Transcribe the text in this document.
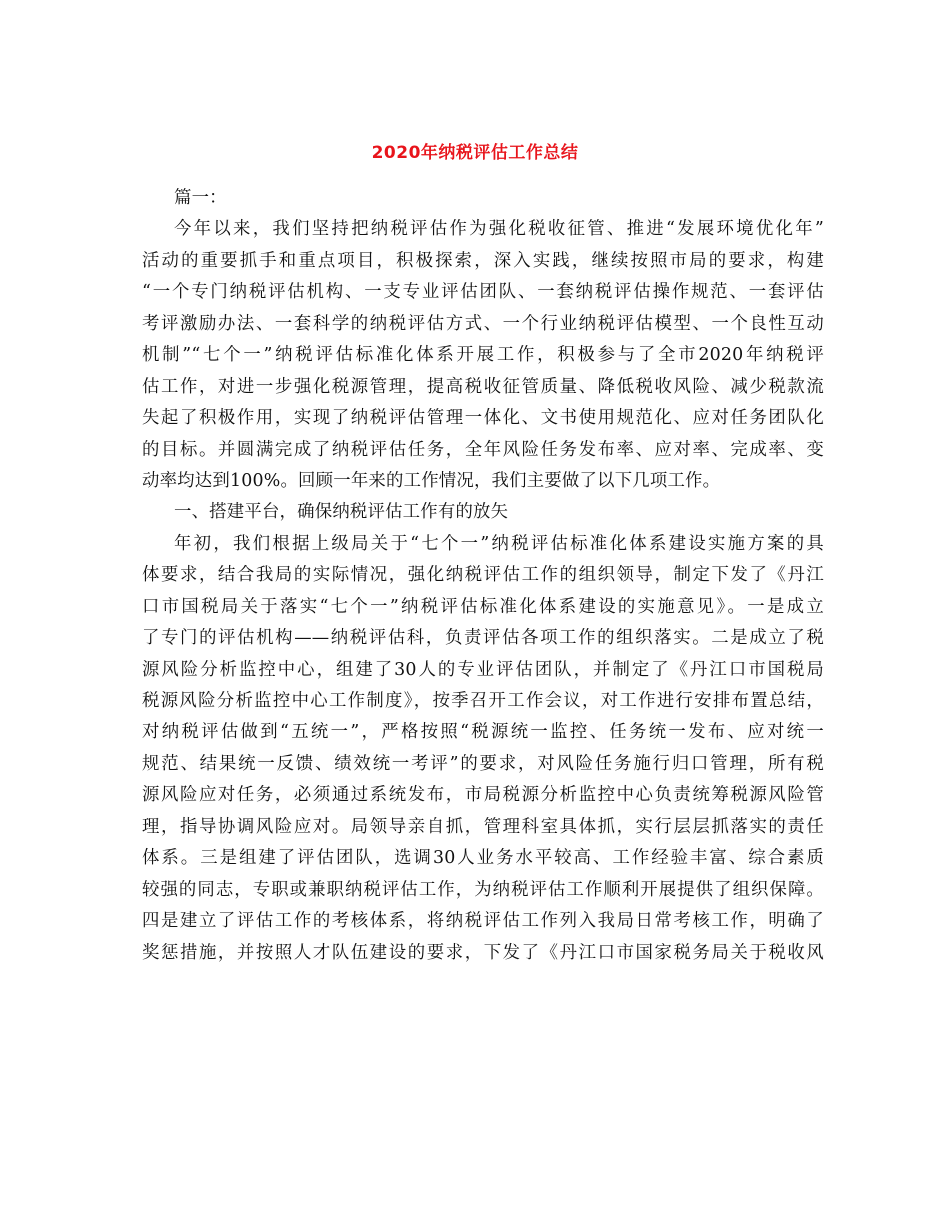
2020年纳税评估工作总结
篇一：
今年以来，我们坚持把纳税评估作为强化税收征管、推进“发展环境优化年”
活动的重要抓手和重点项目，积极探索，深入实践，继续按照市局的要求，构建
“一个专门纳税评估机构、一支专业评估团队、一套纳税评估操作规范、一套评估
考评激励办法、一套科学的纳税评估方式、一个行业纳税评估模型、一个良性互动
机制”“七个一”纳税评估标准化体系开展工作，积极参与了全市2020年纳税评
估工作，对进一步强化税源管理，提高税收征管质量、降低税收风险、减少税款流
失起了积极作用，实现了纳税评估管理一体化、文书使用规范化、应对任务团队化
的目标。并圆满完成了纳税评估任务，全年风险任务发布率、应对率、完成率、变
动率均达到100%。回顾一年来的工作情况，我们主要做了以下几项工作。
一、搭建平台，确保纳税评估工作有的放矢
年初，我们根据上级局关于“七个一”纳税评估标准化体系建设实施方案的具
体要求，结合我局的实际情况，强化纳税评估工作的组织领导，制定下发了《丹江
口市国税局关于落实“七个一”纳税评估标准化体系建设的实施意见》。一是成立
了专门的评估机构——纳税评估科，负责评估各项工作的组织落实。二是成立了税
源风险分析监控中心，组建了30人的专业评估团队，并制定了《丹江口市国税局
税源风险分析监控中心工作制度》，按季召开工作会议，对工作进行安排布置总结，
对纳税评估做到“五统一”，严格按照“税源统一监控、任务统一发布、应对统一
规范、结果统一反馈、绩效统一考评”的要求，对风险任务施行归口管理，所有税
源风险应对任务，必须通过系统发布，市局税源分析监控中心负责统筹税源风险管
理，指导协调风险应对。局领导亲自抓，管理科室具体抓，实行层层抓落实的责任
体系。三是组建了评估团队，选调30人业务水平较高、工作经验丰富、综合素质
较强的同志，专职或兼职纳税评估工作，为纳税评估工作顺利开展提供了组织保障。
四是建立了评估工作的考核体系，将纳税评估工作列入我局日常考核工作，明确了
奖惩措施，并按照人才队伍建设的要求，下发了《丹江口市国家税务局关于税收风
